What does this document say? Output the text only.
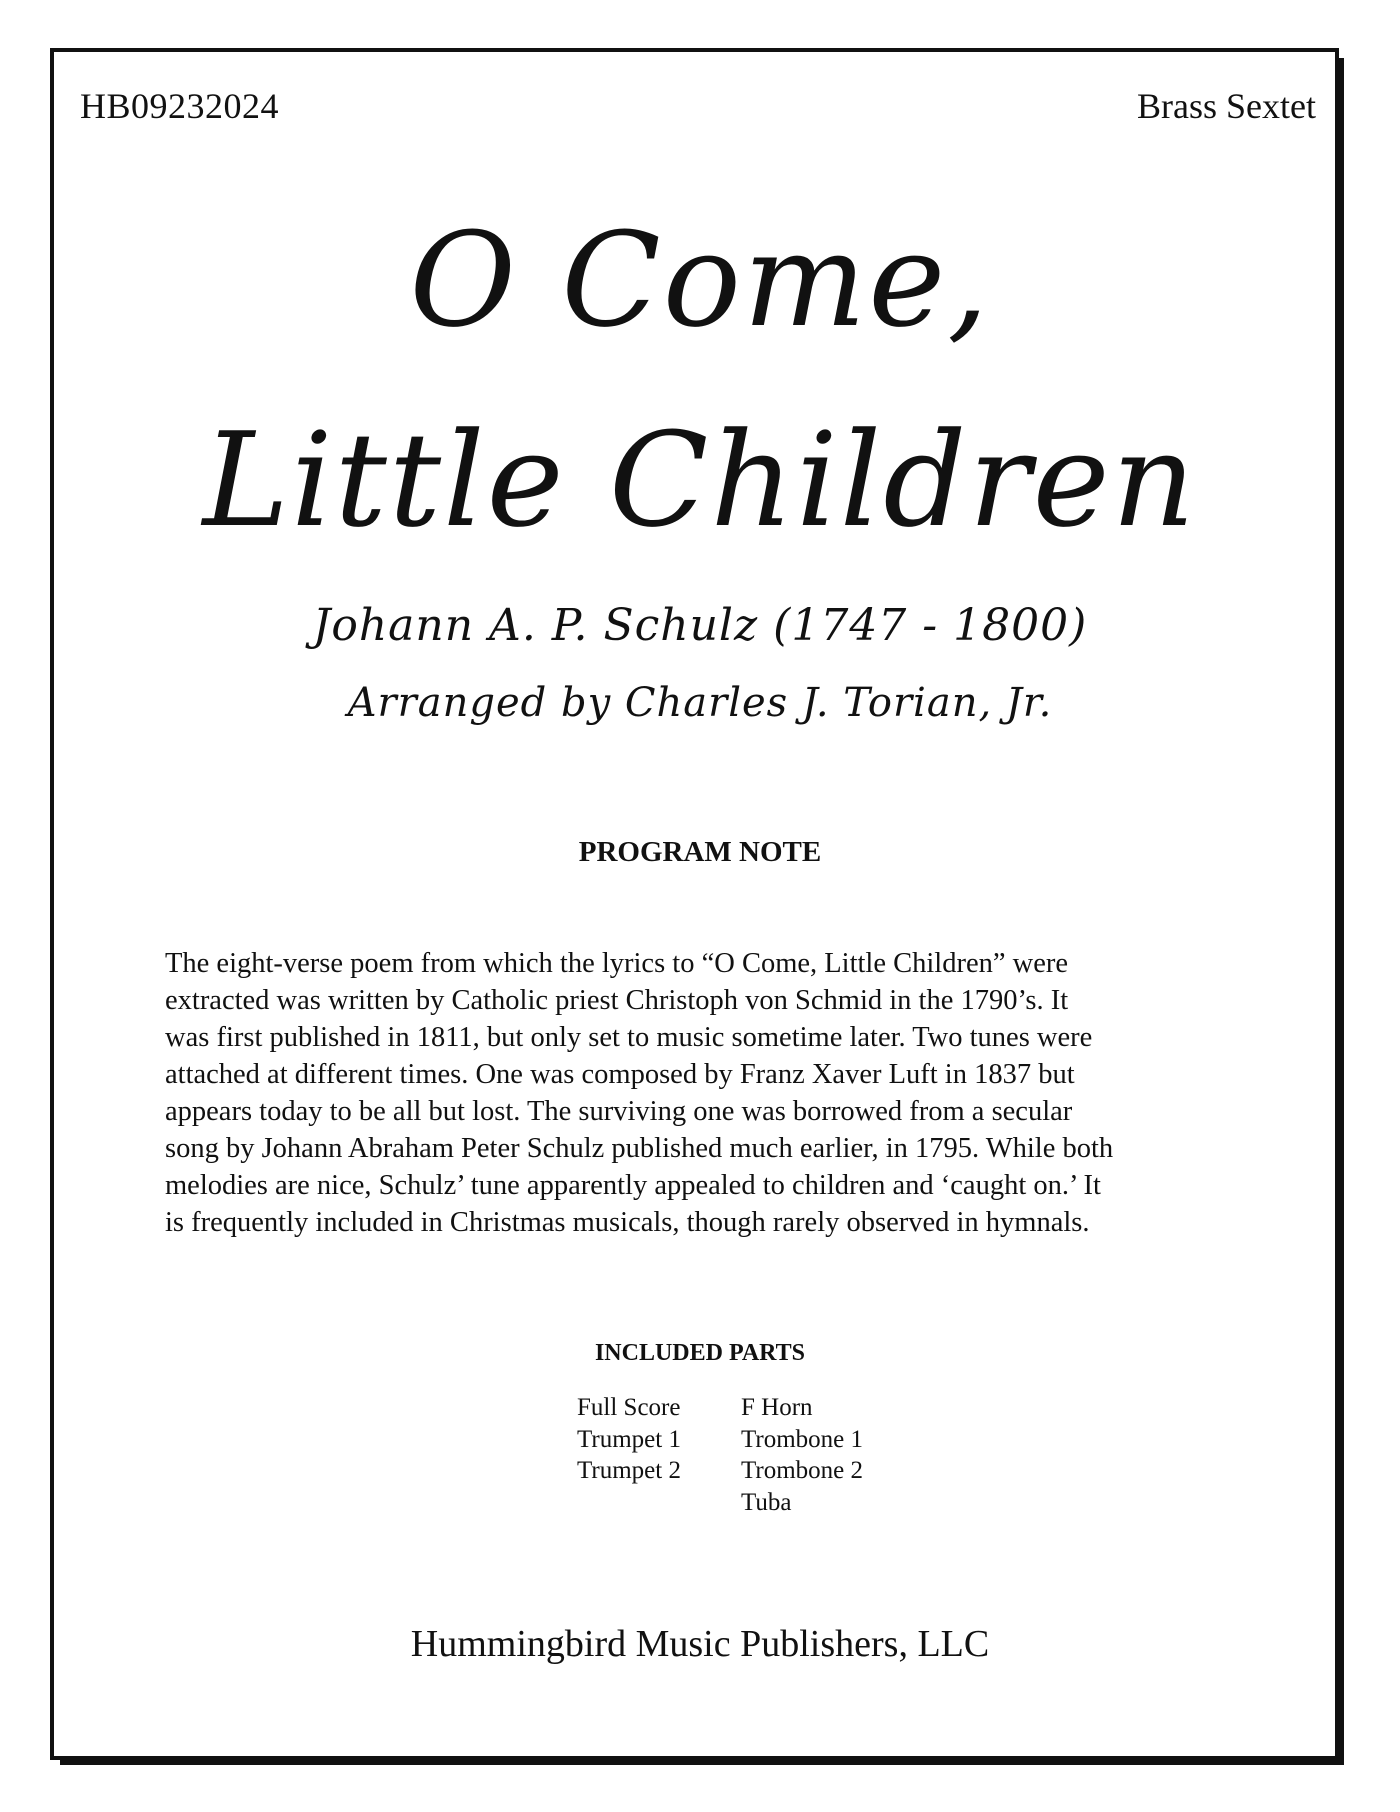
HB09232024	Brass Sextet
O Come,
Little Children
Johann A. P. Schulz (1747 - 1800)
Arranged by Charles J. Torian, Jr.
PROGRAM NOTE
The eight-verse poem from which the lyrics to “O Come, Little Children” were
extracted was written by Catholic priest Christoph von Schmid in the 1790’s. It
was first published in 1811, but only set to music sometime later. Two tunes were
attached at different times. One was composed by Franz Xaver Luft in 1837 but
appears today to be all but lost. The surviving one was borrowed from a secular
song by Johann Abraham Peter Schulz published much earlier, in 1795. While both
melodies are nice, Schulz’ tune apparently appealed to children and ‘caught on.’ It
is frequently included in Christmas musicals, though rarely observed in hymnals.
INCLUDED PARTS
Full Score
Trumpet 1
Trumpet 2
F Horn
Trombone 1
Trombone 2
Tuba
Hummingbird Music Publishers, LLC
